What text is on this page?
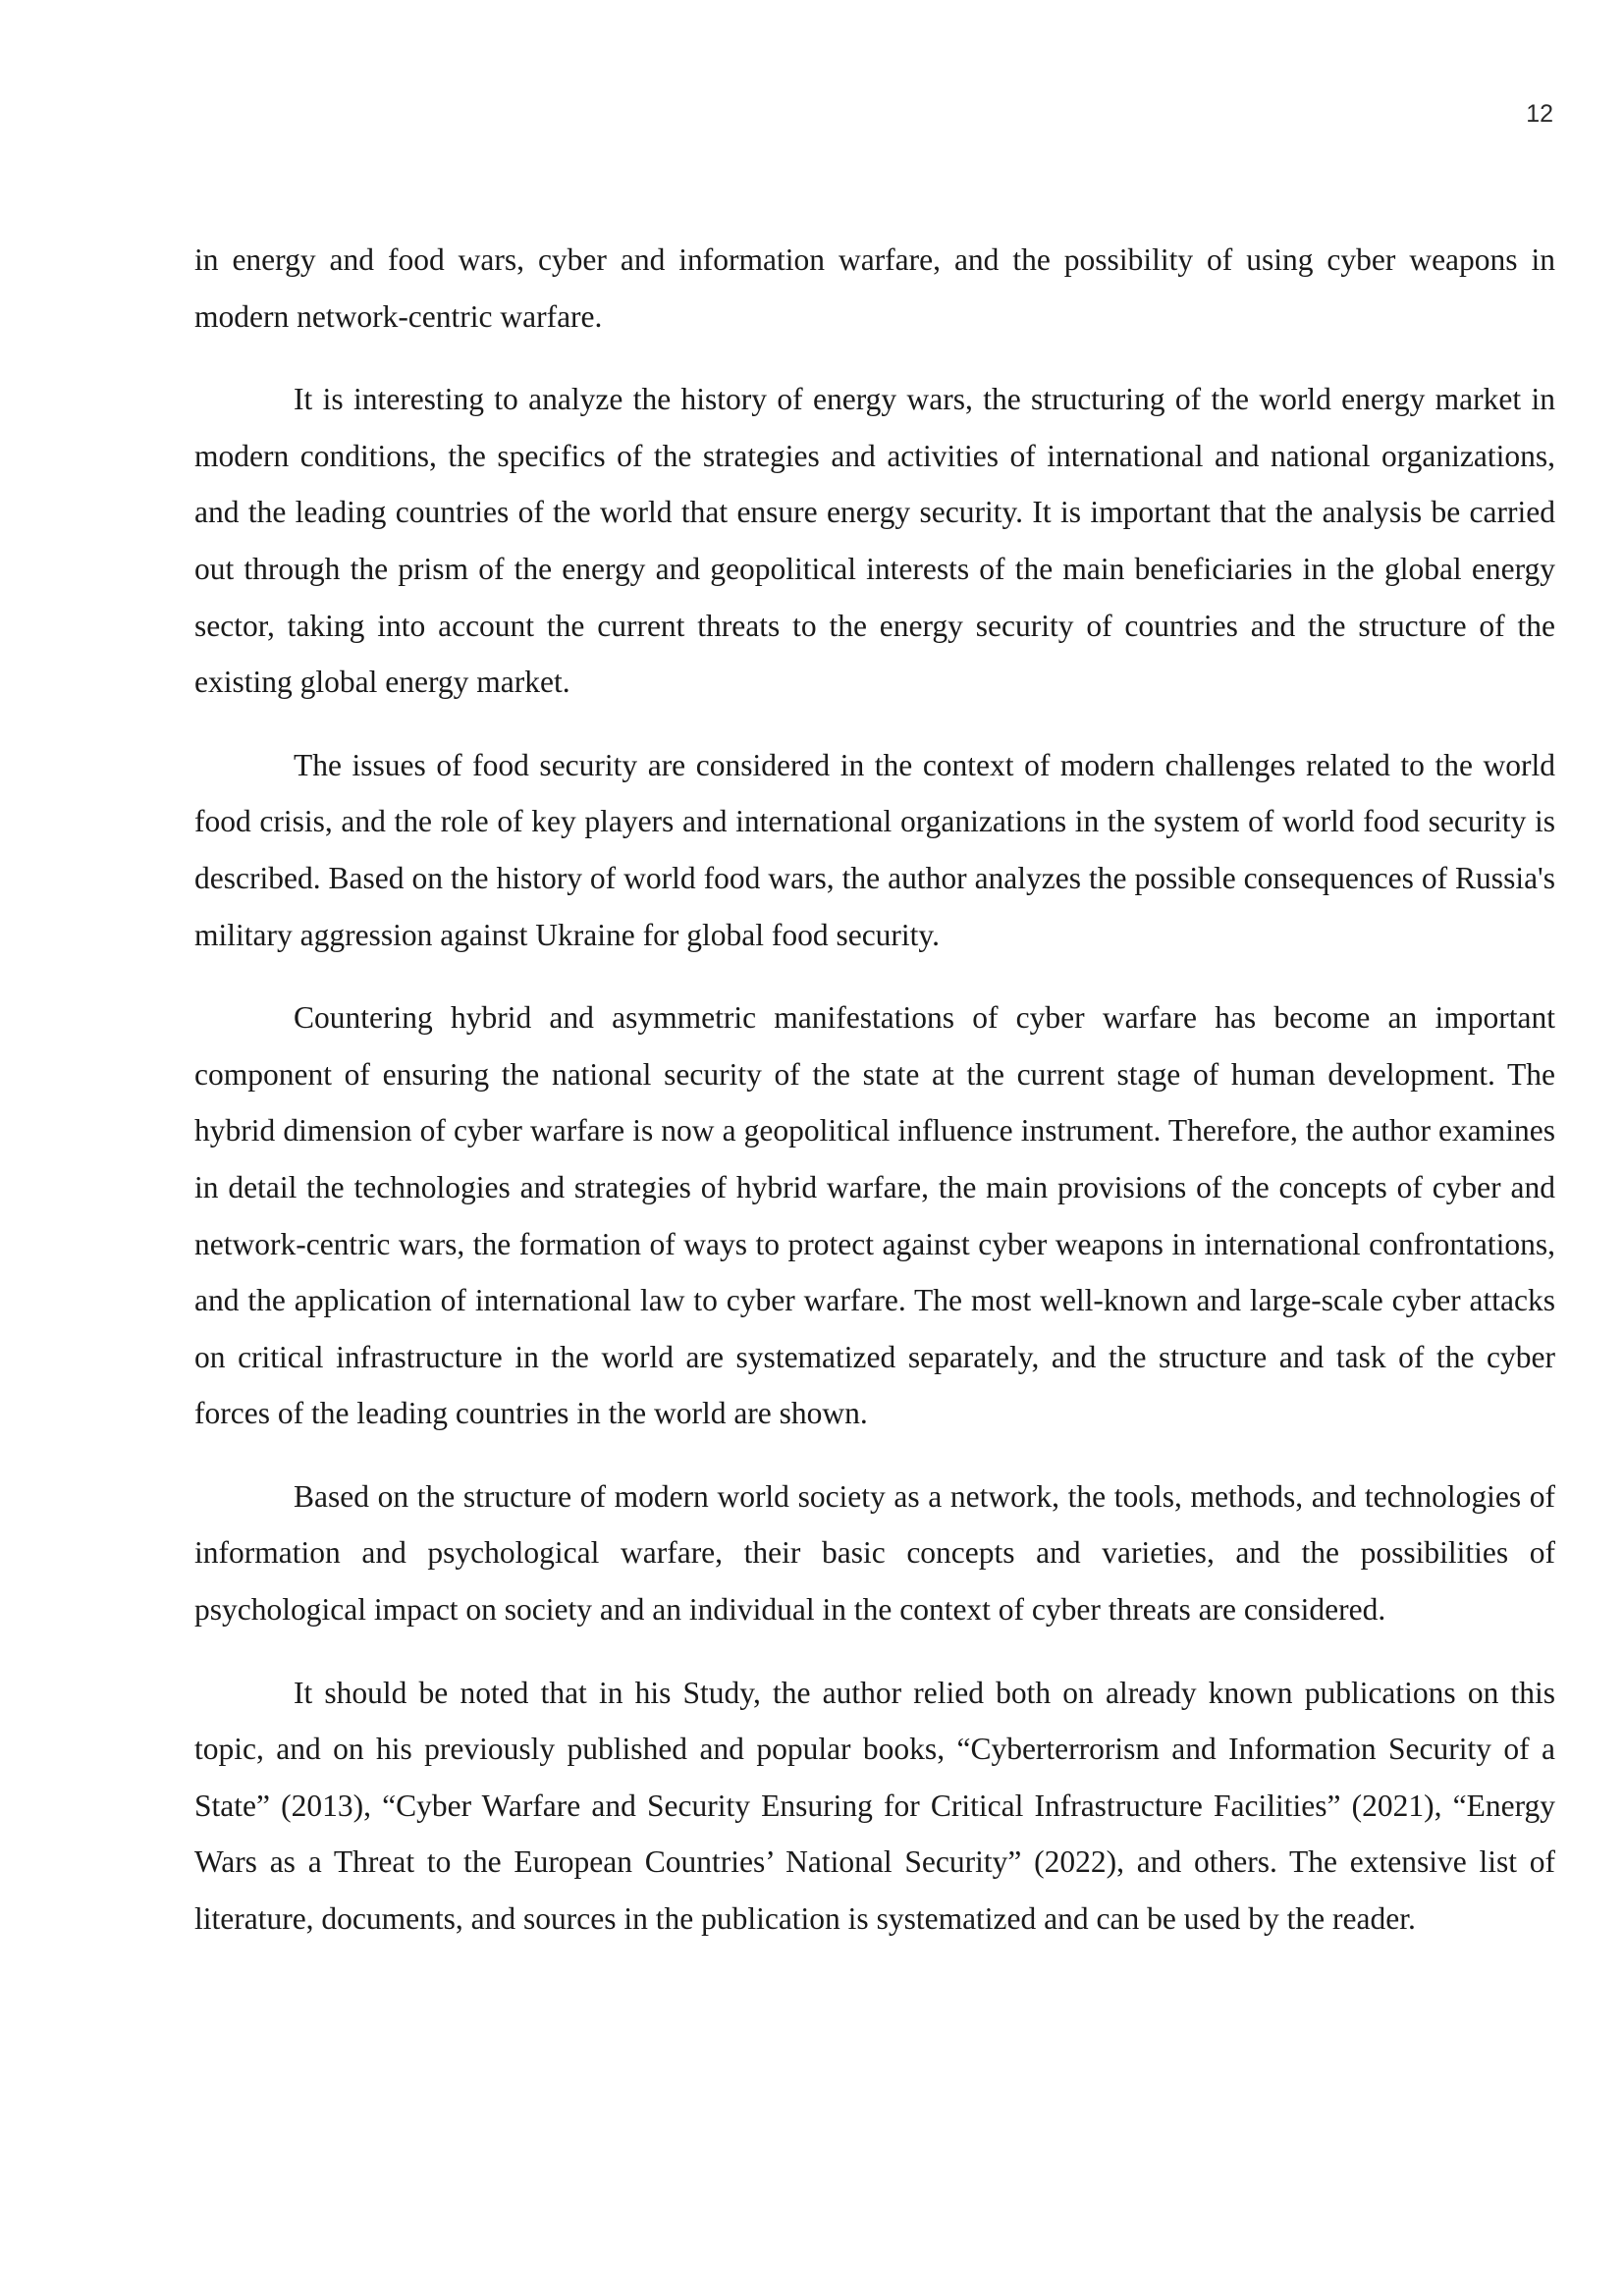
12

in energy and food wars, cyber and information warfare, and the possibility of using cyber weapons in modern network-centric warfare.

It is interesting to analyze the history of energy wars, the structuring of the world energy market in modern conditions, the specifics of the strategies and activities of international and national organizations, and the leading countries of the world that ensure energy security. It is important that the analysis be carried out through the prism of the energy and geopolitical interests of the main beneficiaries in the global energy sector, taking into account the current threats to the energy security of countries and the structure of the existing global energy market.

The issues of food security are considered in the context of modern challenges related to the world food crisis, and the role of key players and international organizations in the system of world food security is described. Based on the history of world food wars, the author analyzes the possible consequences of Russia's military aggression against Ukraine for global food security.

Countering hybrid and asymmetric manifestations of cyber warfare has become an important component of ensuring the national security of the state at the current stage of human development. The hybrid dimension of cyber warfare is now a geopolitical influence instrument. Therefore, the author examines in detail the technologies and strategies of hybrid warfare, the main provisions of the concepts of cyber and network-centric wars, the formation of ways to protect against cyber weapons in international confrontations, and the application of international law to cyber warfare. The most well-known and large-scale cyber attacks on critical infrastructure in the world are systematized separately, and the structure and task of the cyber forces of the leading countries in the world are shown.

Based on the structure of modern world society as a network, the tools, methods, and technologies of information and psychological warfare, their basic concepts and varieties, and the possibilities of psychological impact on society and an individual in the context of cyber threats are considered.

It should be noted that in his Study, the author relied both on already known publications on this topic, and on his previously published and popular books, “Cyberterrorism and Information Security of a State” (2013), “Cyber Warfare and Security Ensuring for Critical Infrastructure Facilities” (2021), “Energy Wars as a Threat to the European Countries’ National Security” (2022), and others. The extensive list of literature, documents, and sources in the publication is systematized and can be used by the reader.
